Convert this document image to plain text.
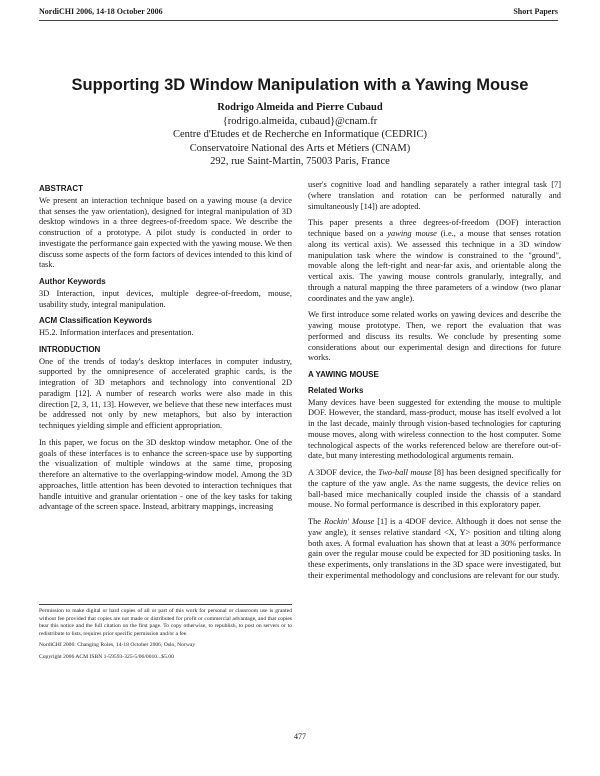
NordiCHI 2006, 14-18 October 2006	Short Papers
Supporting 3D Window Manipulation with a Yawing Mouse
Rodrigo Almeida and Pierre Cubaud
{rodrigo.almeida, cubaud}@cnam.fr
Centre d'Etudes et de Recherche en Informatique (CEDRIC)
Conservatoire National des Arts et Métiers (CNAM)
292, rue Saint-Martin, 75003 Paris, France
ABSTRACT

We present an interaction technique based on a yawing mouse (a device that senses the yaw orientation), designed for integral manipulation of 3D desktop windows in a three degrees-of-freedom space. We describe the construction of a prototype. A pilot study is conducted in order to investigate the performance gain expected with the yawing mouse. We then discuss some aspects of the form factors of devices intended to this kind of task.

Author Keywords

3D Interaction, input devices, multiple degree-of-freedom, mouse, usability study, integral manipulation.

ACM Classification Keywords

H5.2. Information interfaces and presentation.

INTRODUCTION

One of the trends of today's desktop interfaces in computer industry, supported by the omnipresence of accelerated graphic cards, is the integration of 3D metaphors and technology into conventional 2D paradigm [12]. A number of research works were also made in this direction [2, 3, 11, 13]. However, we believe that these new interfaces must be addressed not only by new metaphors, but also by interaction techniques yielding simple and efficient appropriation.

In this paper, we focus on the 3D desktop window metaphor. One of the goals of these interfaces is to enhance the screen-space use by supporting the visualization of multiple windows at the same time, proposing therefore an alternative to the overlapping-window model. Among the 3D approaches, little attention has been devoted to interaction techniques that handle intuitive and granular orientation - one of the key tasks for taking advantage of the screen space. Instead, arbitrary mappings, increasing

Permission to make digital or hard copies of all or part of this work for personal or classroom use is granted without fee provided that copies are not made or distributed for profit or commercial advantage, and that copies bear this notice and the full citation on the first page. To copy otherwise, to republish, to post on servers or to redistribute to lists, requires prior specific permission and/or a fee.

NordiCHI 2006: Changing Roles, 14-18 October 2006, Oslo, Norway

Copyright 2006 ACM ISBN 1-59593-325-5/06/0010...$5.00

user's cognitive load and handling separately a rather integral task [7] (where translation and rotation can be performed naturally and simultaneously [14]) are adopted.

This paper presents a three degrees-of-freedom (DOF) interaction technique based on a yawing mouse (i.e., a mouse that senses rotation along its vertical axis). We assessed this technique in a 3D window manipulation task where the window is constrained to the "ground", movable along the left-right and near-far axis, and orientable along the vertical axis. The yawing mouse controls granularly, integrally, and through a natural mapping the three parameters of a window (two planar coordinates and the yaw angle).

We first introduce some related works on yawing devices and describe the yawing mouse prototype. Then, we report the evaluation that was performed and discuss its results. We conclude by presenting some considerations about our experimental design and directions for future works.

A YAWING MOUSE
Related Works

Many devices have been suggested for extending the mouse to multiple DOF. However, the standard, mass-product, mouse has itself evolved a lot in the last decade, mainly through vision-based technologies for capturing mouse moves, along with wireless connection to the host computer. Some technological aspects of the works referenced below are therefore out-of-date, but many interesting methodological arguments remain.

A 3DOF device, the Two-ball mouse [8] has been designed specifically for the capture of the yaw angle. As the name suggests, the device relies on ball-based mice mechanically coupled inside the chassis of a standard mouse. No formal performance is described in this exploratory paper.

The Rockin' Mouse [1] is a 4DOF device. Although it does not sense the yaw angle), it senses relative standard <X, Y> position and tilting along both axes. A formal evaluation has shown that at least a 30% performance gain over the regular mouse could be expected for 3D positioning tasks. In these experiments, only translations in the 3D space were investigated, but their experimental methodology and conclusions are relevant for our study.

477
